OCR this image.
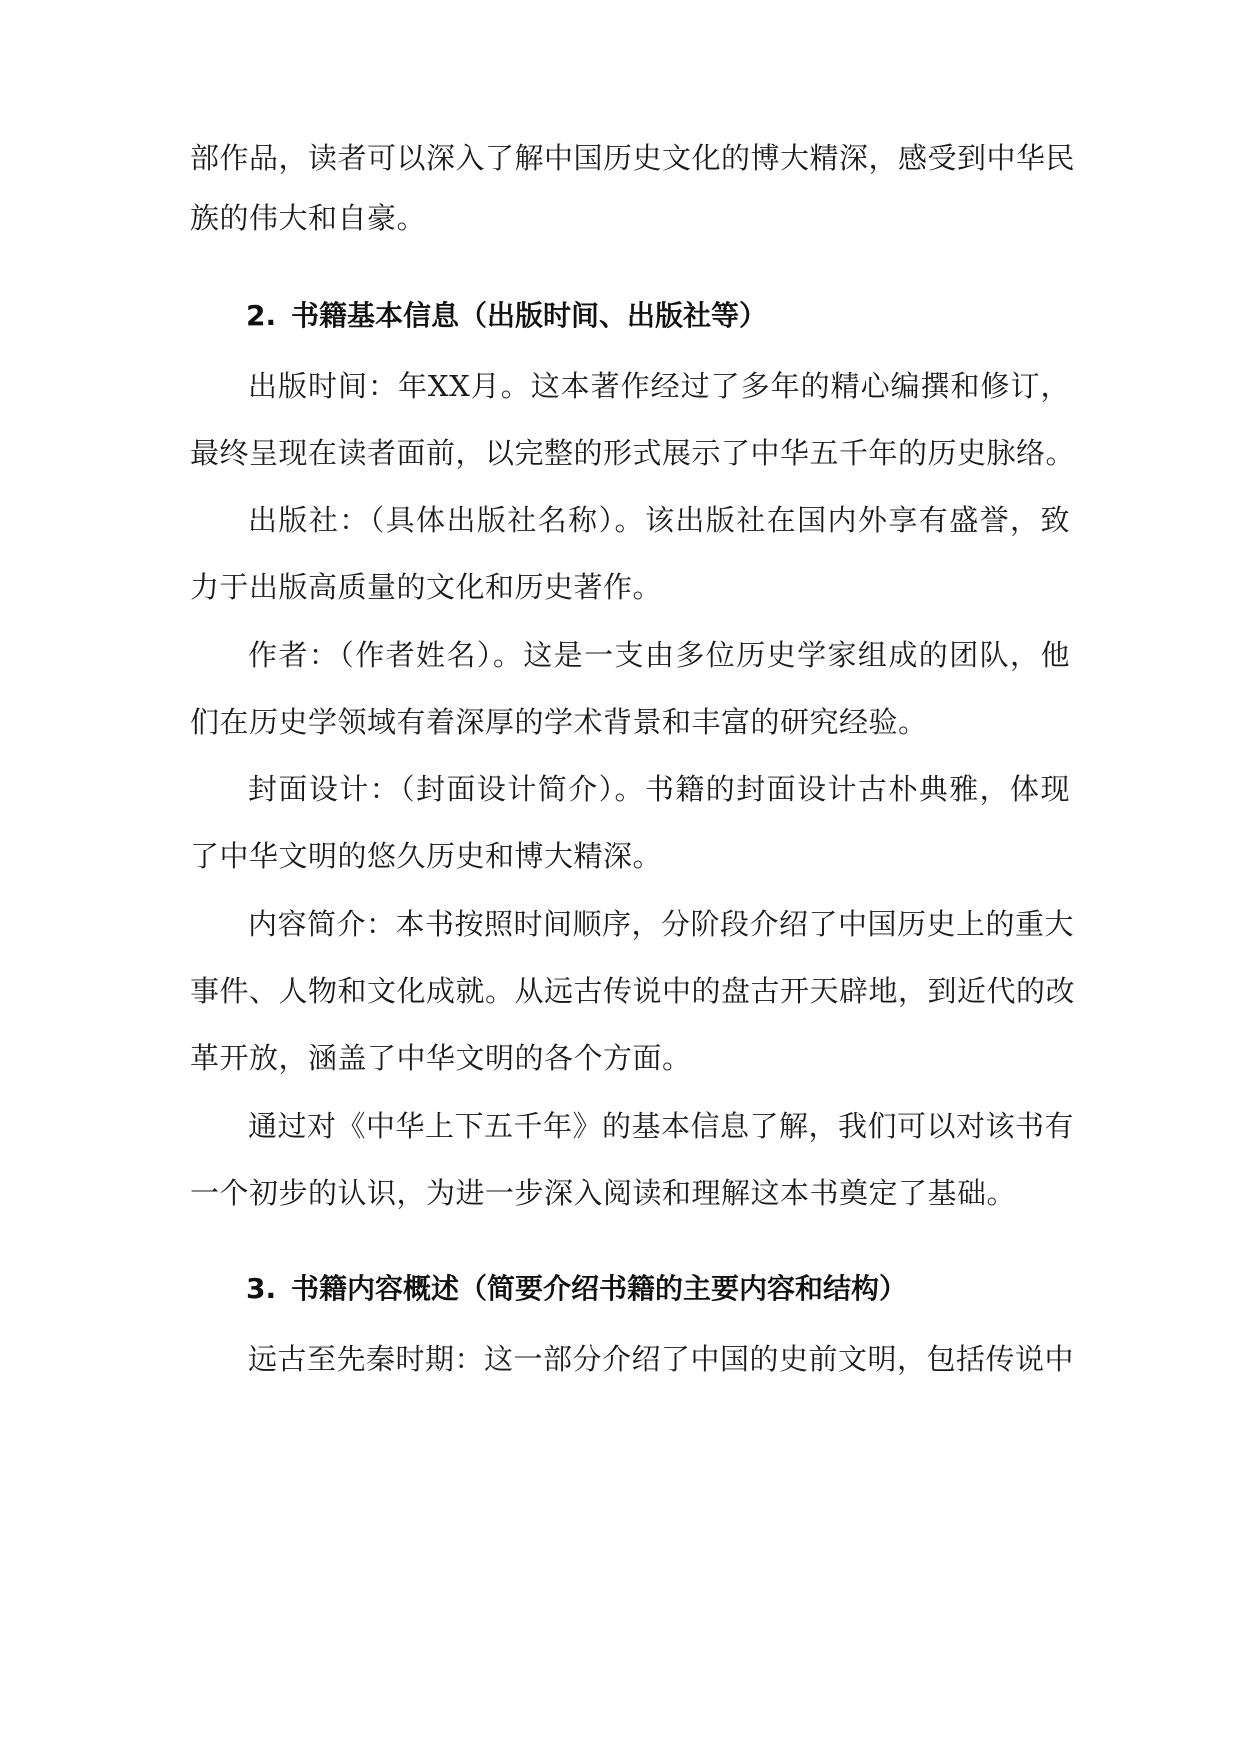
部作品，读者可以深入了解中国历史文化的博大精深，感受到中华民
族的伟大和自豪。
2. 书籍基本信息（出版时间、出版社等）
出版时间：年XX月。这本著作经过了多年的精心编撰和修订，
最终呈现在读者面前，以完整的形式展示了中华五千年的历史脉络。
出版社：（具体出版社名称）。该出版社在国内外享有盛誉，致
力于出版高质量的文化和历史著作。
作者：（作者姓名）。这是一支由多位历史学家组成的团队，他
们在历史学领域有着深厚的学术背景和丰富的研究经验。
封面设计：（封面设计简介）。书籍的封面设计古朴典雅，体现
了中华文明的悠久历史和博大精深。
内容简介：本书按照时间顺序，分阶段介绍了中国历史上的重大
事件、人物和文化成就。从远古传说中的盘古开天辟地，到近代的改
革开放，涵盖了中华文明的各个方面。
通过对《中华上下五千年》的基本信息了解，我们可以对该书有
一个初步的认识，为进一步深入阅读和理解这本书奠定了基础。
3. 书籍内容概述（简要介绍书籍的主要内容和结构）
远古至先秦时期：这一部分介绍了中国的史前文明，包括传说中
